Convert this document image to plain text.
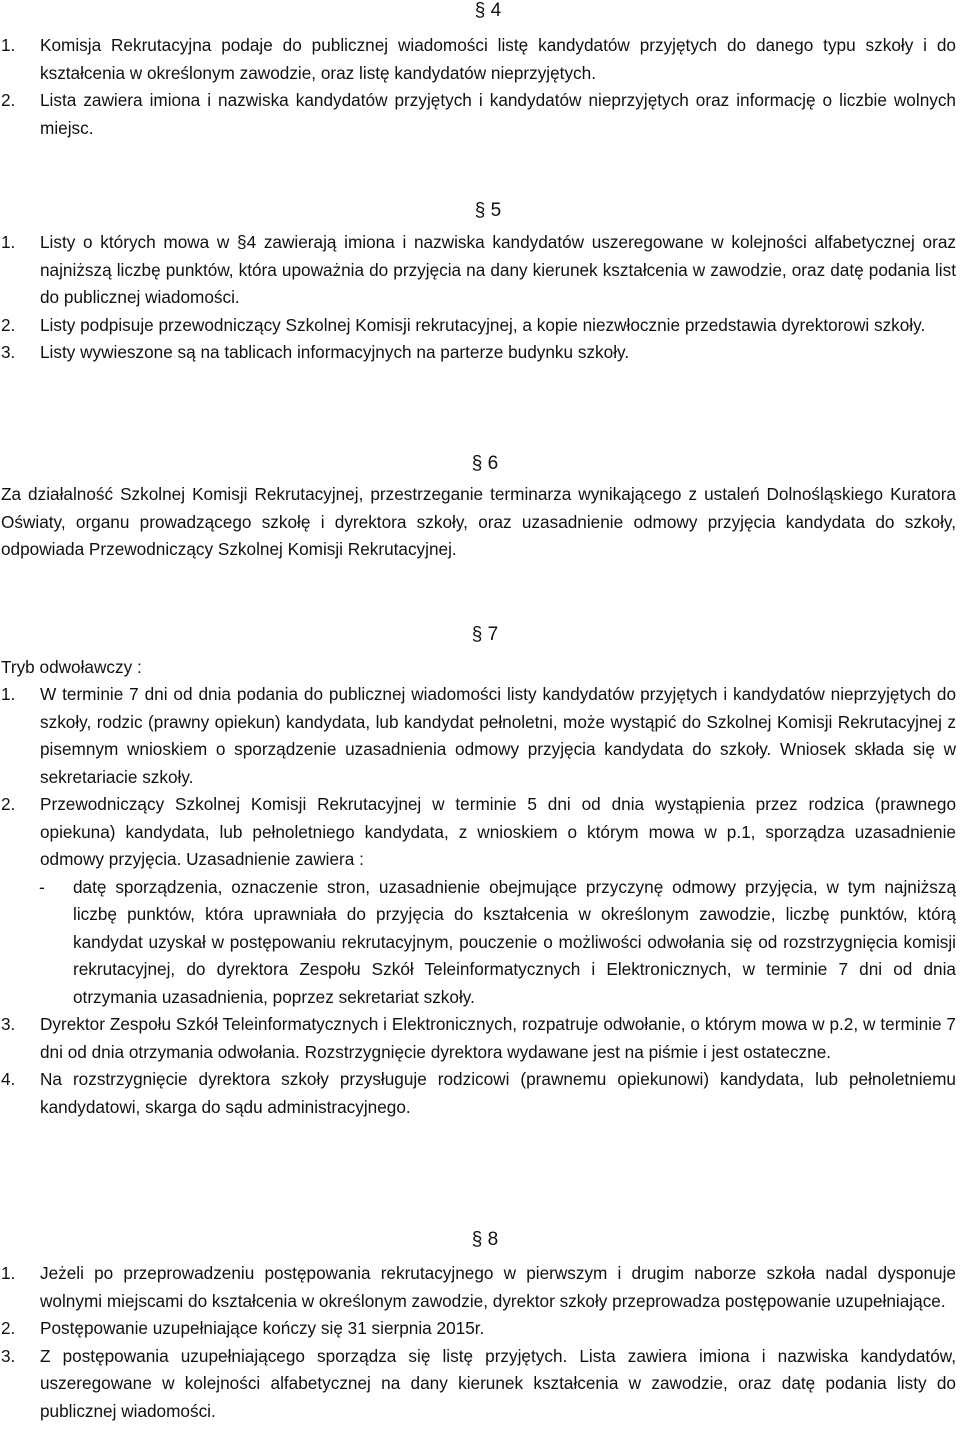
§ 4
1.	Komisja Rekrutacyjna podaje do publicznej wiadomości listę kandydatów przyjętych do danego typu szkoły i do kształcenia w określonym zawodzie, oraz listę kandydatów nieprzyjętych.
2.	Lista zawiera imiona i nazwiska kandydatów przyjętych i kandydatów nieprzyjętych oraz informację o liczbie wolnych miejsc.
§ 5
1.	Listy o których mowa w §4 zawierają imiona i nazwiska kandydatów uszeregowane w kolejności alfabetycznej oraz najniższą liczbę punktów, która upoważnia do przyjęcia na dany kierunek kształcenia w zawodzie, oraz datę podania list do publicznej wiadomości.
2.	Listy podpisuje przewodniczący Szkolnej Komisji rekrutacyjnej, a kopie niezwłocznie przedstawia dyrektorowi szkoły.
3.	Listy wywieszone są na tablicach informacyjnych na parterze budynku szkoły.
§ 6
Za działalność Szkolnej Komisji Rekrutacyjnej, przestrzeganie terminarza wynikającego z ustaleń Dolnośląskiego Kuratora Oświaty, organu prowadzącego szkołę i dyrektora szkoły, oraz uzasadnienie odmowy przyjęcia kandydata do szkoły, odpowiada Przewodniczący Szkolnej Komisji Rekrutacyjnej.
§ 7
Tryb odwoławczy :
1.	W terminie 7 dni od dnia podania do publicznej wiadomości listy kandydatów przyjętych i kandydatów nieprzyjętych do szkoły, rodzic (prawny opiekun) kandydata, lub kandydat pełnoletni, może wystąpić do Szkolnej Komisji Rekrutacyjnej z pisemnym wnioskiem o sporządzenie uzasadnienia odmowy przyjęcia kandydata do szkoły. Wniosek składa się w sekretariacie szkoły.
2.	Przewodniczący Szkolnej Komisji Rekrutacyjnej w terminie 5 dni od dnia wystąpienia przez rodzica (prawnego opiekuna) kandydata, lub pełnoletniego kandydata, z wnioskiem o którym mowa w p.1, sporządza uzasadnienie odmowy przyjęcia. Uzasadnienie zawiera :
-	datę sporządzenia, oznaczenie stron, uzasadnienie obejmujące przyczynę odmowy przyjęcia, w tym najniższą liczbę punktów, która uprawniała do przyjęcia do kształcenia w określonym zawodzie, liczbę punktów, którą kandydat uzyskał w postępowaniu rekrutacyjnym, pouczenie o możliwości odwołania się od rozstrzygnięcia komisji rekrutacyjnej, do dyrektora Zespołu Szkół Teleinformatycznych i Elektronicznych, w terminie 7 dni od dnia otrzymania uzasadnienia, poprzez sekretariat szkoły.
3.	Dyrektor Zespołu Szkół Teleinformatycznych i Elektronicznych, rozpatruje odwołanie, o którym mowa w p.2, w terminie 7 dni od dnia otrzymania odwołania. Rozstrzygnięcie dyrektora wydawane jest na piśmie i jest ostateczne.
4.	Na rozstrzygnięcie dyrektora szkoły przysługuje rodzicowi (prawnemu opiekunowi) kandydata, lub pełnoletniemu kandydatowi, skarga do sądu administracyjnego.
§ 8
1.	Jeżeli po przeprowadzeniu postępowania rekrutacyjnego w pierwszym i drugim naborze szkoła nadal dysponuje wolnymi miejscami do kształcenia w określonym zawodzie, dyrektor szkoły przeprowadza postępowanie uzupełniające.
2.	Postępowanie uzupełniające kończy się 31 sierpnia 2015r.
3.	Z postępowania uzupełniającego sporządza się listę przyjętych. Lista zawiera imiona i nazwiska kandydatów, uszeregowane w kolejności alfabetycznej na dany kierunek kształcenia w zawodzie, oraz datę podania listy do publicznej wiadomości.
